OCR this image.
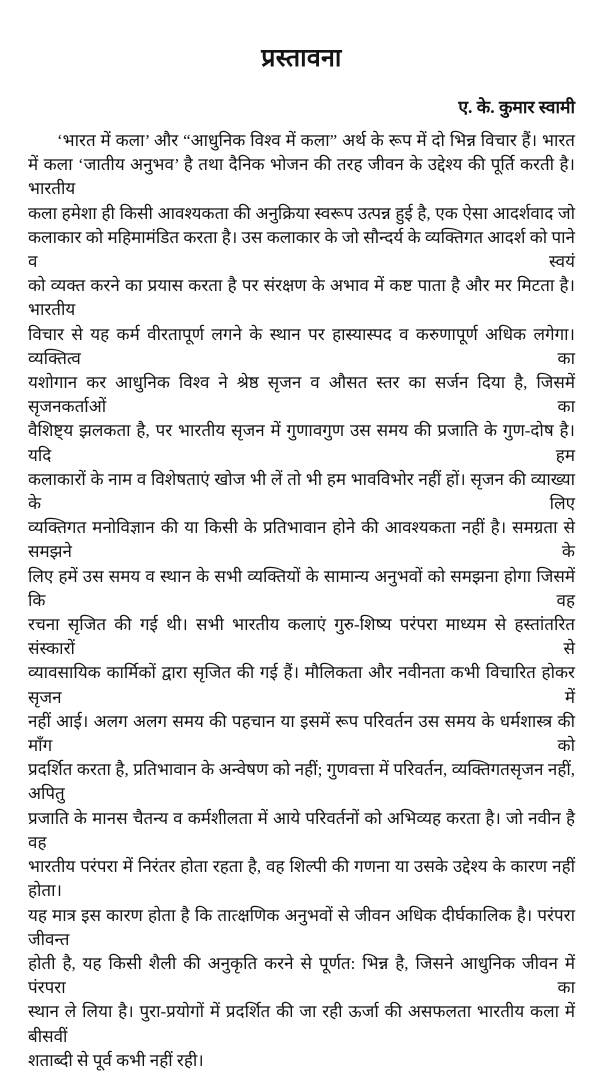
प्रस्तावना
ए. के. कुमार स्वामी
‘भारत में कला’ और “आधुनिक विश्व में कला” अर्थ के रूप में दो भिन्न विचार हैं। भारत
में कला ‘जातीय अनुभव’ है तथा दैनिक भोजन की तरह जीवन के उद्देश्य की पूर्ति करती है। भारतीय
कला हमेशा ही किसी आवश्यकता की अनुक्रिया स्वरूप उत्पन्न हुई है, एक ऐसा आदर्शवाद जो
कलाकार को महिमामंडित करता है। उस कलाकार के जो सौन्दर्य के व्यक्तिगत आदर्श को पाने व स्वयं
को व्यक्त करने का प्रयास करता है पर संरक्षण के अभाव में कष्ट पाता है और मर मिटता है। भारतीय
विचार से यह कर्म वीरतापूर्ण लगने के स्थान पर हास्यास्पद व करुणापूर्ण अधिक लगेगा। व्यक्तित्व का
यशोगान कर आधुनिक विश्व ने श्रेष्ठ सृजन व औसत स्तर का सर्जन दिया है, जिसमें सृजनकर्ताओं का
वैशिष्ट्य झलकता है, पर भारतीय सृजन में गुणावगुण उस समय की प्रजाति के गुण-दोष है। यदि हम
कलाकारों के नाम व विशेषताएं खोज भी लें तो भी हम भावविभोर नहीं हों। सृजन की व्याख्या के लिए
व्यक्तिगत मनोविज्ञान की या किसी के प्रतिभावान होने की आवश्यकता नहीं है। समग्रता से समझने के
लिए हमें उस समय व स्थान के सभी व्यक्तियों के सामान्य अनुभवों को समझना होगा जिसमें कि वह
रचना सृजित की गई थी। सभी भारतीय कलाएं गुरु-शिष्य परंपरा माध्यम से हस्तांतरित संस्कारों से
व्यावसायिक कार्मिकों द्वारा सृजित की गई हैं। मौलिकता और नवीनता कभी विचारित होकर सृजन में
नहीं आई। अलग अलग समय की पहचान या इसमें रूप परिवर्तन उस समय के धर्मशास्त्र की माँग को
प्रदर्शित करता है, प्रतिभावान के अन्वेषण को नहीं; गुणवत्ता में परिवर्तन, व्यक्तिगतसृजन नहीं, अपितु
प्रजाति के मानस चैतन्य व कर्मशीलता में आये परिवर्तनों को अभिव्यह करता है। जो नवीन है वह
भारतीय परंपरा में निरंतर होता रहता है, वह शिल्पी की गणना या उसके उद्देश्य के कारण नहीं होता।
यह मात्र इस कारण होता है कि तात्क्षणिक अनुभवों से जीवन अधिक दीर्घकालिक है। परंपरा जीवन्त
होती है, यह किसी शैली की अनुकृति करने से पूर्णत: भिन्न है, जिसने आधुनिक जीवन में पंरपरा का
स्थान ले लिया है। पुरा-प्रयोगों में प्रदर्शित की जा रही ऊर्जा की असफलता भारतीय कला में बीसवीं
शताब्दी से पूर्व कभी नहीं रही।
